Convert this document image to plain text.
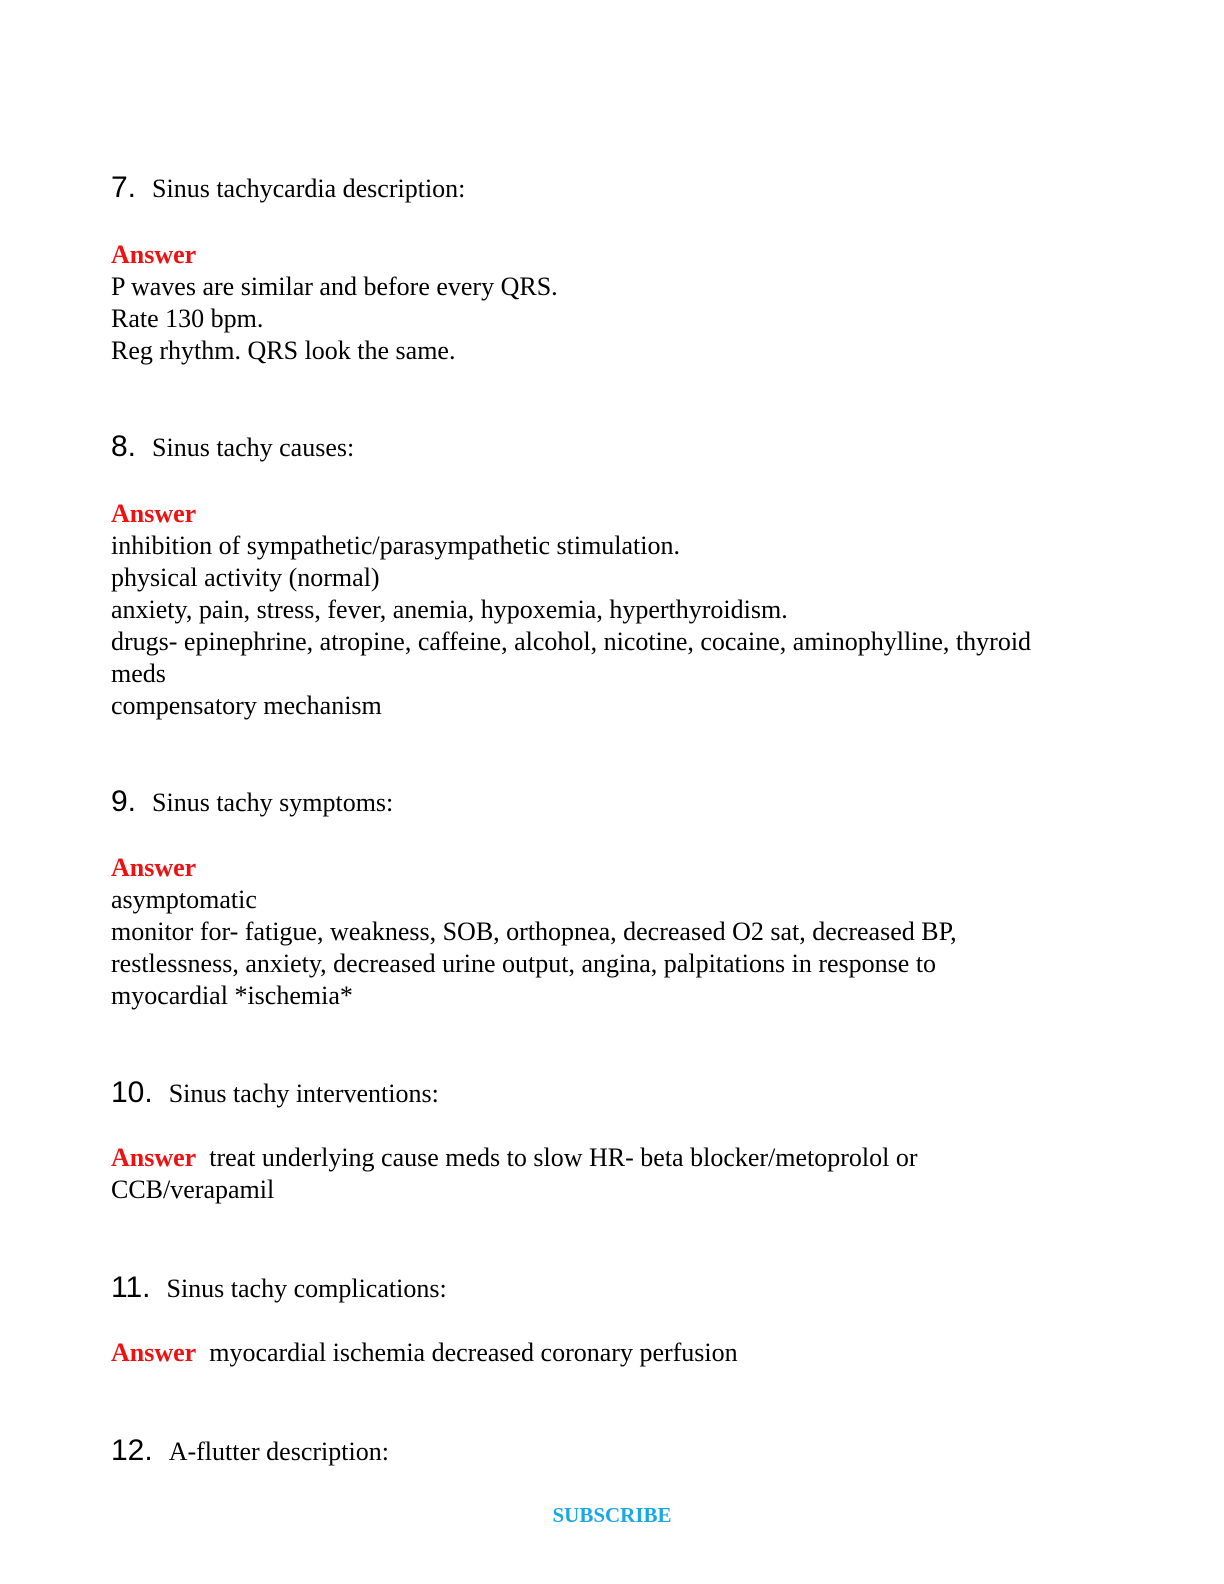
7. Sinus tachycardia description:
Answer
P waves are similar and before every QRS.
Rate 130 bpm.
Reg rhythm. QRS look the same.
8. Sinus tachy causes:
Answer
inhibition of sympathetic/parasympathetic stimulation.
physical activity (normal)
anxiety, pain, stress, fever, anemia, hypoxemia, hyperthyroidism.
drugs- epinephrine, atropine, caffeine, alcohol, nicotine, cocaine, aminophylline, thyroid
meds
compensatory mechanism
9. Sinus tachy symptoms:
Answer
asymptomatic
monitor for- fatigue, weakness, SOB, orthopnea, decreased O2 sat, decreased BP,
restlessness, anxiety, decreased urine output, angina, palpitations in response to
myocardial *ischemia*
10. Sinus tachy interventions:
Answer treat underlying cause meds to slow HR- beta blocker/metoprolol or
CCB/verapamil
11. Sinus tachy complications:
Answer myocardial ischemia decreased coronary perfusion
12. A-flutter description:
SUBSCRIBE
